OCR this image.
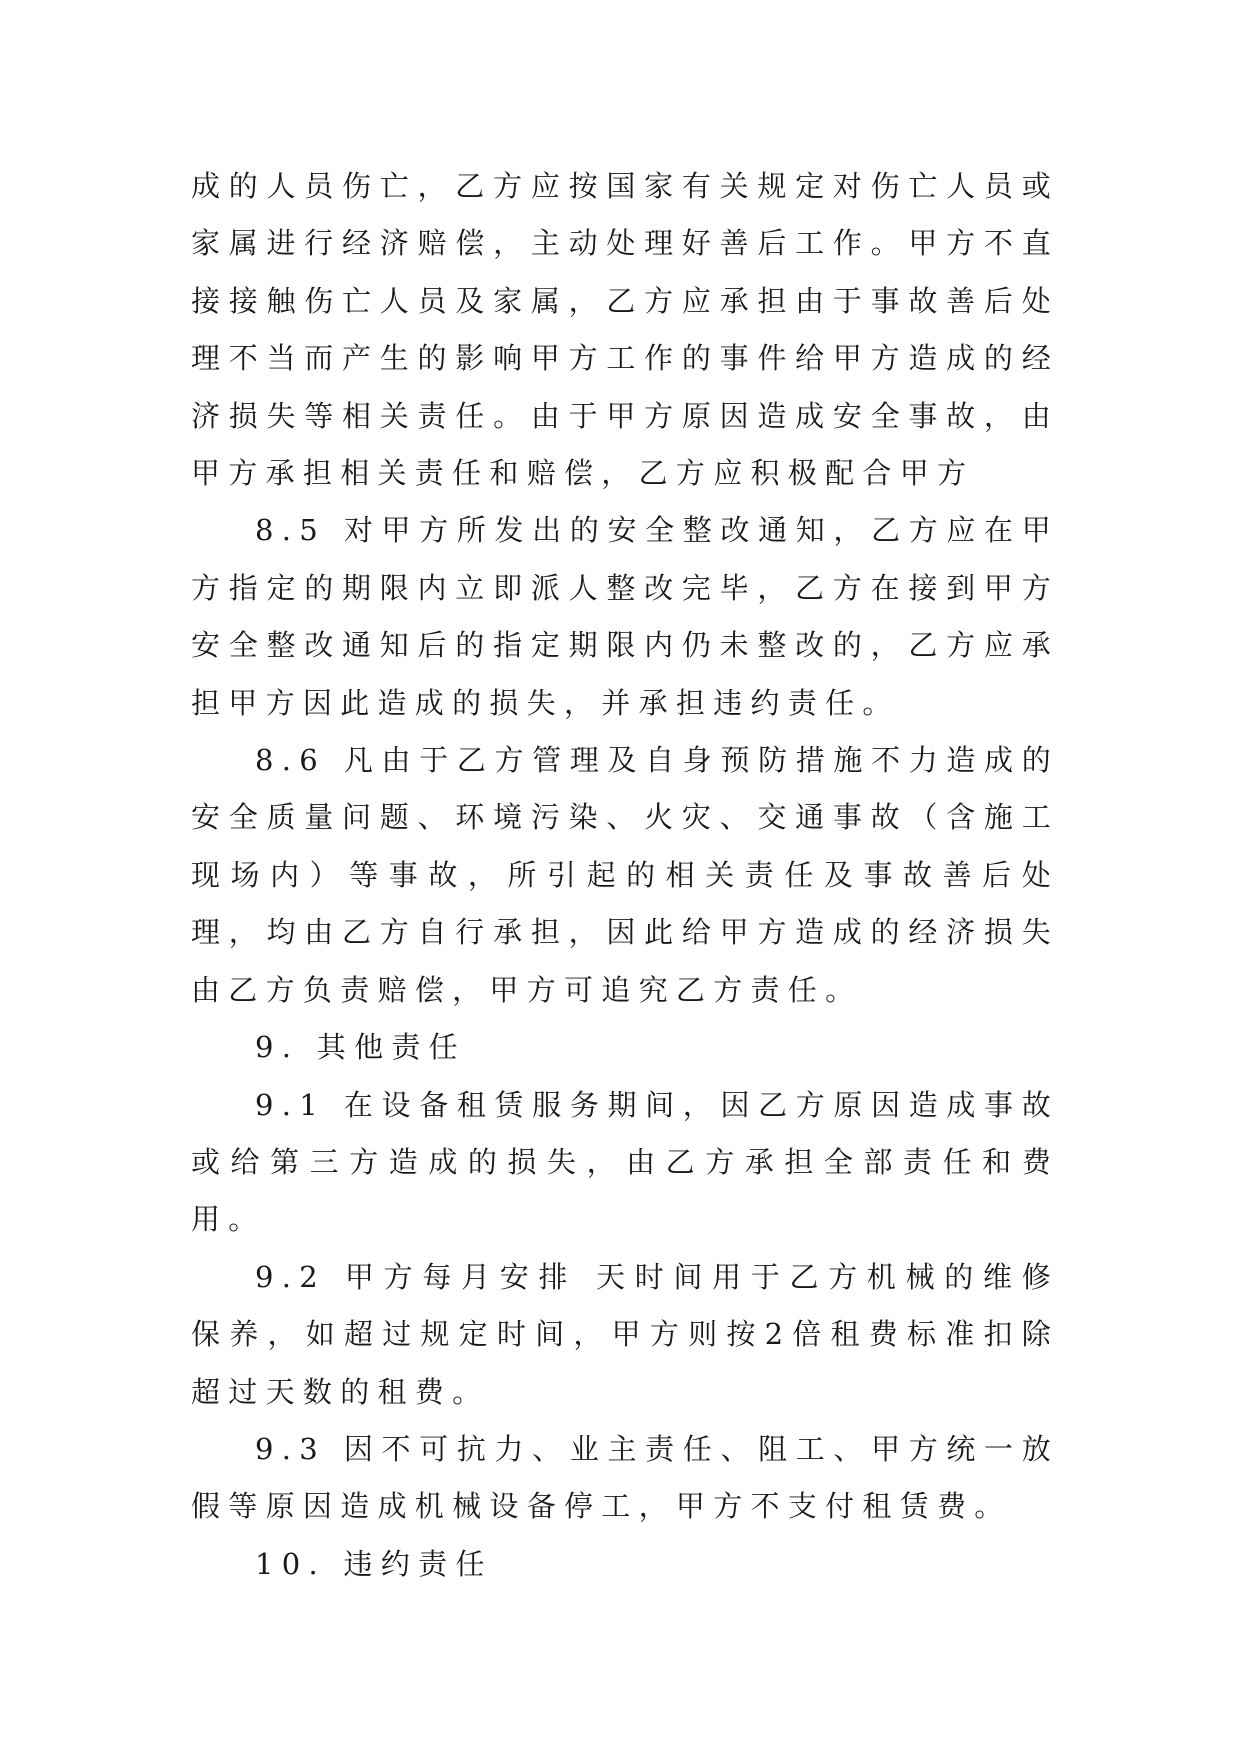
成的人员伤亡，乙方应按国家有关规定对伤亡人员或家属进行经济赔偿，主动处理好善后工作。甲方不直接接触伤亡人员及家属，乙方应承担由于事故善后处理不当而产生的影响甲方工作的事件给甲方造成的经济损失等相关责任。由于甲方原因造成安全事故，由甲方承担相关责任和赔偿，乙方应积极配合甲方

8.5 对甲方所发出的安全整改通知，乙方应在甲方指定的期限内立即派人整改完毕，乙方在接到甲方安全整改通知后的指定期限内仍未整改的，乙方应承担甲方因此造成的损失，并承担违约责任。

8.6 凡由于乙方管理及自身预防措施不力造成的安全质量问题、环境污染、火灾、交通事故（含施工现场内）等事故，所引起的相关责任及事故善后处理，均由乙方自行承担，因此给甲方造成的经济损失由乙方负责赔偿，甲方可追究乙方责任。

9. 其他责任

9.1 在设备租赁服务期间，因乙方原因造成事故或给第三方造成的损失，由乙方承担全部责任和费用。

9.2 甲方每月安排 天时间用于乙方机械的维修保养，如超过规定时间，甲方则按2倍租费标准扣除超过天数的租费。

9.3 因不可抗力、业主责任、阻工、甲方统一放假等原因造成机械设备停工，甲方不支付租赁费。

10. 违约责任
